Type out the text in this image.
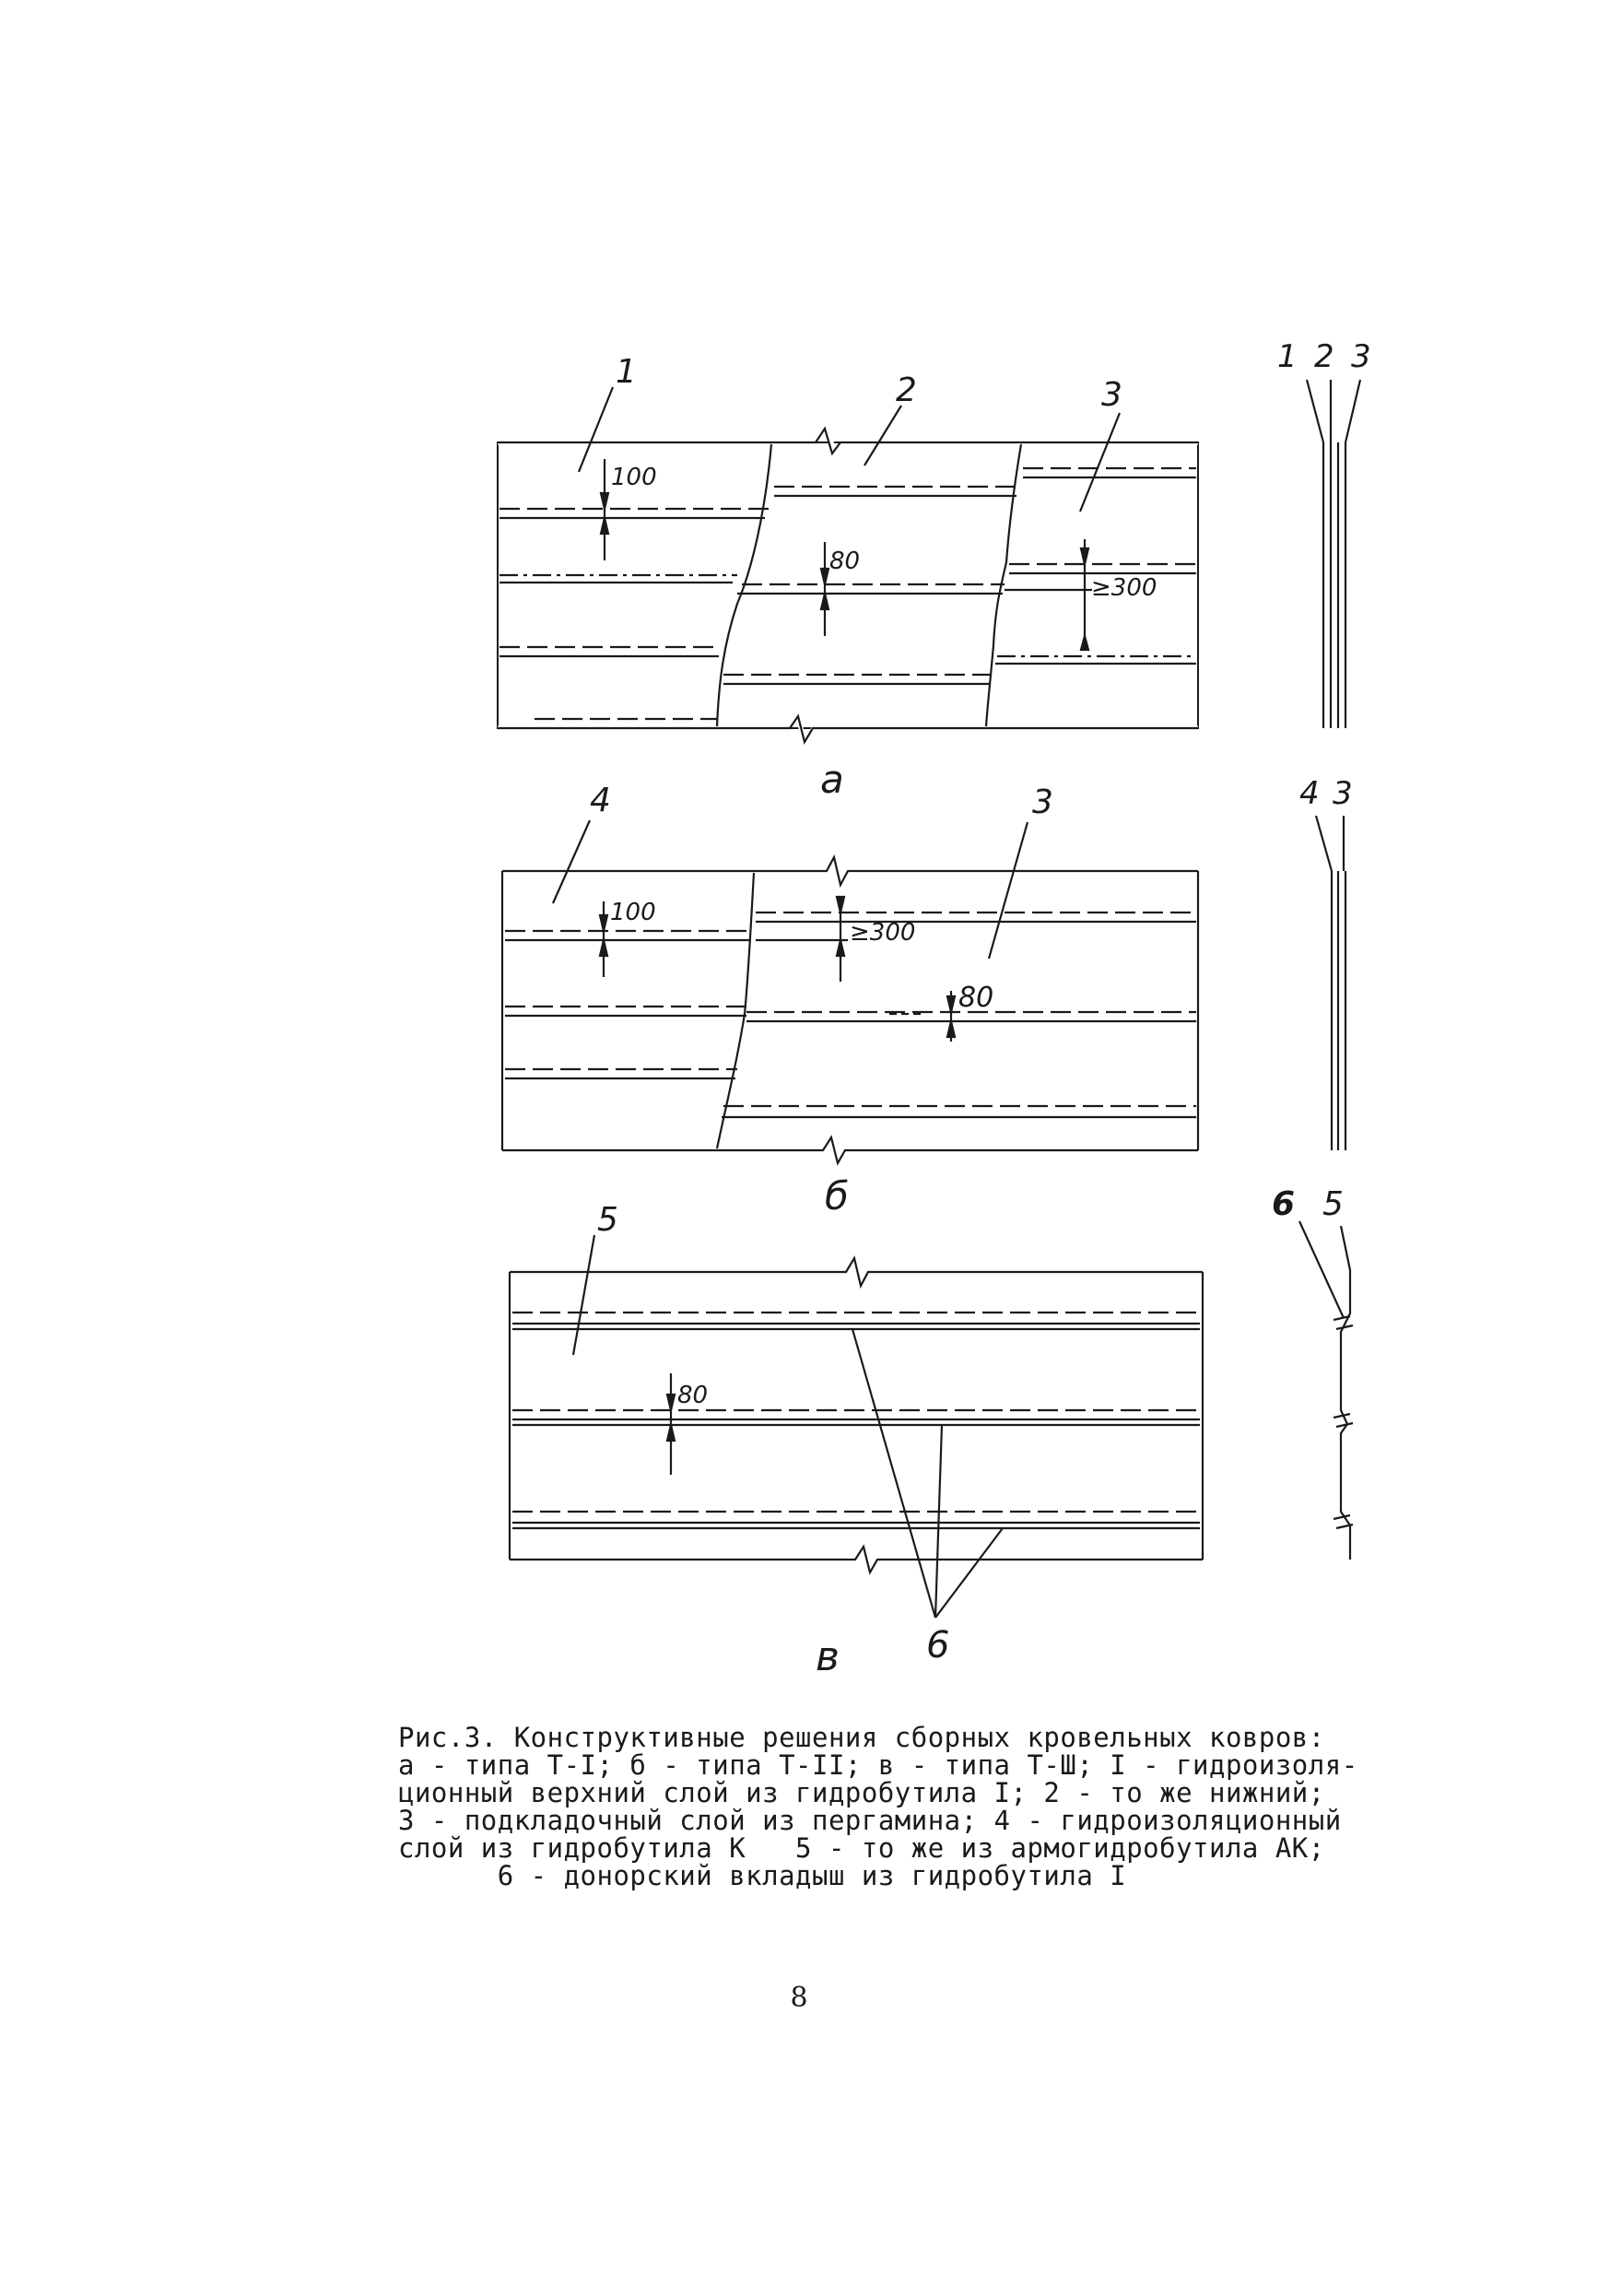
1	2	3
100
80
≥300
а
1 2 3
4	3
100
≥300
80
б
4 3
5
80
6
в
6 5
Рис.3. Конструктивные решения сборных кровельных ковров:
а - типа Т-I; б - типа Т-II; в - типа Т-Ш; I - гидроизоля-
ционный верхний слой из гидробутила I; 2 - то же нижний;
3 - подкладочный слой из пергамина; 4 - гидроизоляционный
слой из гидробутила К   5 - то же из армогидробутила АК;
6 - донорский вкладыш из гидробутила I
8
